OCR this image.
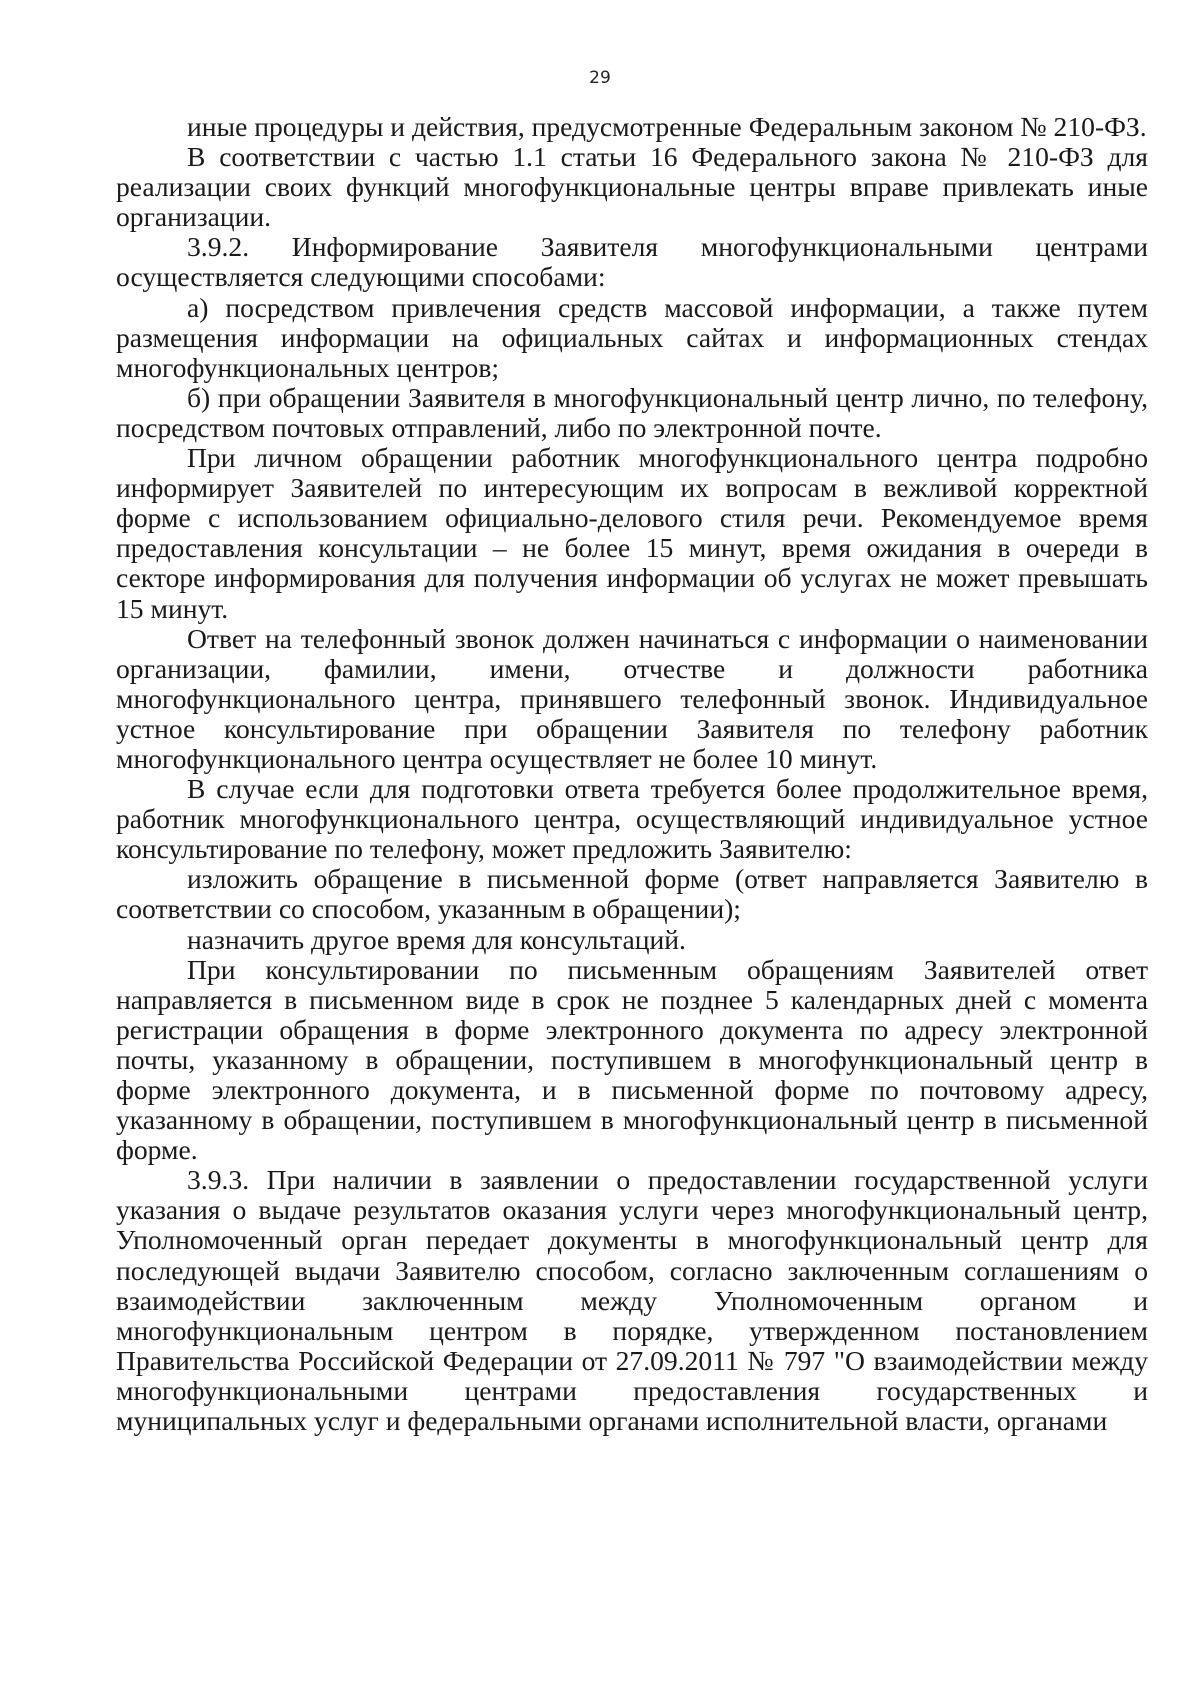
29

иные процедуры и действия, предусмотренные Федеральным законом № 210-ФЗ.

В соответствии с частью 1.1 статьи 16 Федерального закона № 210-ФЗ для реализации своих функций многофункциональные центры вправе привлекать иные организации.

3.9.2. Информирование Заявителя многофункциональными центрами осуществляется следующими способами:

а) посредством привлечения средств массовой информации, а также путем размещения информации на официальных сайтах и информационных стендах многофункциональных центров;

б) при обращении Заявителя в многофункциональный центр лично, по телефону, посредством почтовых отправлений, либо по электронной почте.

При личном обращении работник многофункционального центра подробно информирует Заявителей по интересующим их вопросам в вежливой корректной форме с использованием официально-делового стиля речи. Рекомендуемое время предоставления консультации – не более 15 минут, время ожидания в очереди в секторе информирования для получения информации об услугах не может превышать 15 минут.

Ответ на телефонный звонок должен начинаться с информации о наименовании организации, фамилии, имени, отчестве и должности работника многофункционального центра, принявшего телефонный звонок. Индивидуальное устное консультирование при обращении Заявителя по телефону работник многофункционального центра осуществляет не более 10 минут.

В случае если для подготовки ответа требуется более продолжительное время, работник многофункционального центра, осуществляющий индивидуальное устное консультирование по телефону, может предложить Заявителю:

изложить обращение в письменной форме (ответ направляется Заявителю в соответствии со способом, указанным в обращении);

назначить другое время для консультаций.

При консультировании по письменным обращениям Заявителей ответ направляется в письменном виде в срок не позднее 5 календарных дней с момента регистрации обращения в форме электронного документа по адресу электронной почты, указанному в обращении, поступившем в многофункциональный центр в форме электронного документа, и в письменной форме по почтовому адресу, указанному в обращении, поступившем в многофункциональный центр в письменной форме.

3.9.3. При наличии в заявлении о предоставлении государственной услуги указания о выдаче результатов оказания услуги через многофункциональный центр, Уполномоченный орган передает документы в многофункциональный центр для последующей выдачи Заявителю способом, согласно заключенным соглашениям о взаимодействии заключенным между Уполномоченным органом и многофункциональным центром в порядке, утвержденном постановлением Правительства Российской Федерации от 27.09.2011 № 797 "О взаимодействии между многофункциональными центрами предоставления государственных и муниципальных услуг и федеральными органами исполнительной власти, органами
